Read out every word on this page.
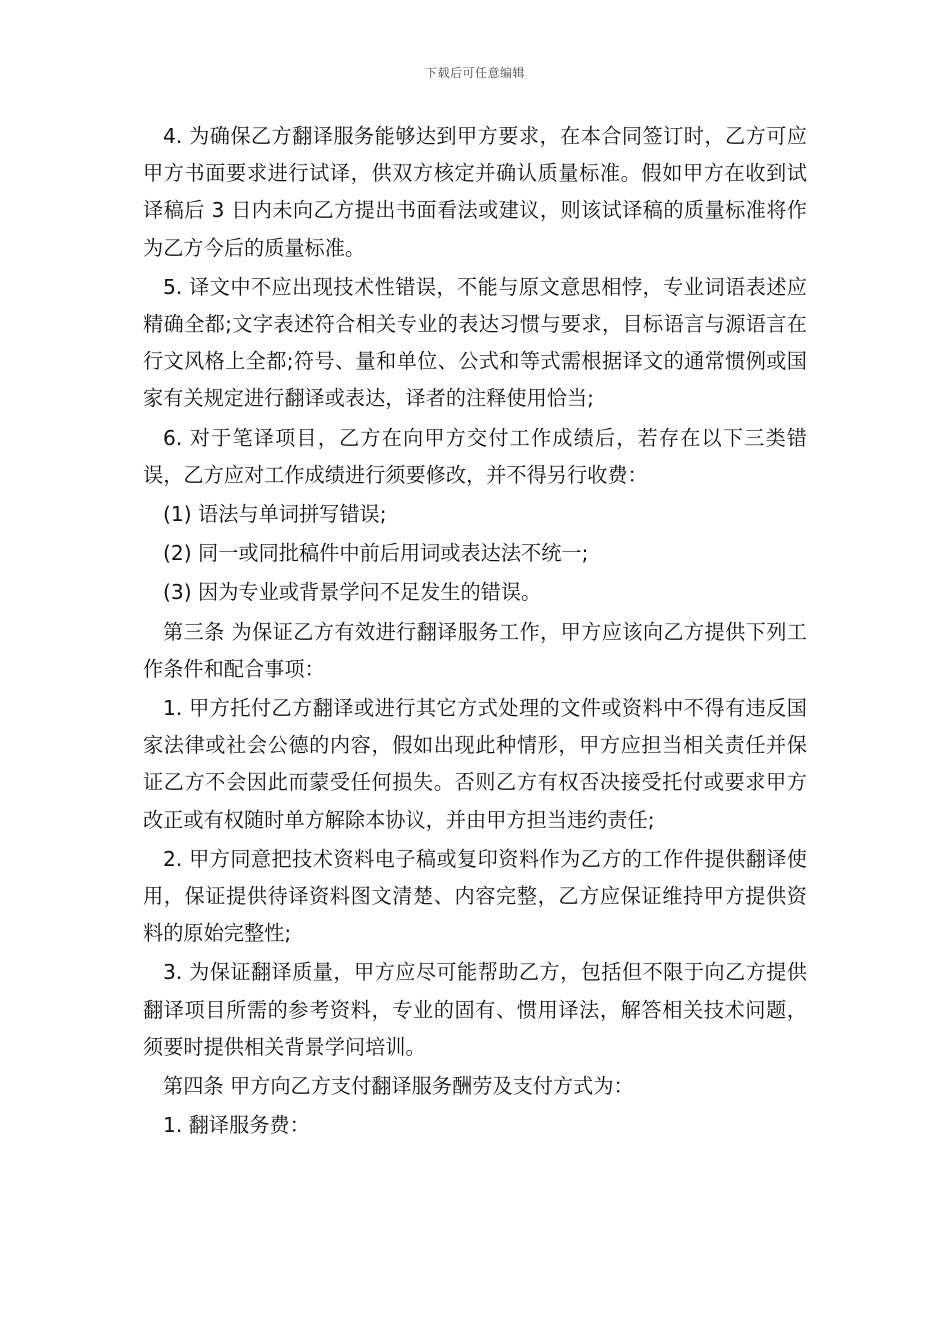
下载后可任意编辑

4. 为确保乙方翻译服务能够达到甲方要求，在本合同签订时，乙方可应甲方书面要求进行试译，供双方核定并确认质量标准。假如甲方在收到试译稿后 3 日内未向乙方提出书面看法或建议，则该试译稿的质量标准将作为乙方今后的质量标准。

5. 译文中不应出现技术性错误，不能与原文意思相悖，专业词语表述应精确全都;文字表述符合相关专业的表达习惯与要求，目标语言与源语言在行文风格上全都;符号、量和单位、公式和等式需根据译文的通常惯例或国家有关规定进行翻译或表达，译者的注释使用恰当;

6. 对于笔译项目，乙方在向甲方交付工作成绩后，若存在以下三类错误，乙方应对工作成绩进行须要修改，并不得另行收费：

(1) 语法与单词拼写错误;

(2) 同一或同批稿件中前后用词或表达法不统一;

(3) 因为专业或背景学问不足发生的错误。

第三条 为保证乙方有效进行翻译服务工作，甲方应该向乙方提供下列工作条件和配合事项：

1. 甲方托付乙方翻译或进行其它方式处理的文件或资料中不得有违反国家法律或社会公德的内容，假如出现此种情形，甲方应担当相关责任并保证乙方不会因此而蒙受任何损失。否则乙方有权否决接受托付或要求甲方改正或有权随时单方解除本协议，并由甲方担当违约责任;

2. 甲方同意把技术资料电子稿或复印资料作为乙方的工作件提供翻译使用，保证提供待译资料图文清楚、内容完整，乙方应保证维持甲方提供资料的原始完整性;

3. 为保证翻译质量，甲方应尽可能帮助乙方，包括但不限于向乙方提供翻译项目所需的参考资料，专业的固有、惯用译法，解答相关技术问题，须要时提供相关背景学问培训。

第四条 甲方向乙方支付翻译服务酬劳及支付方式为：

1. 翻译服务费：
